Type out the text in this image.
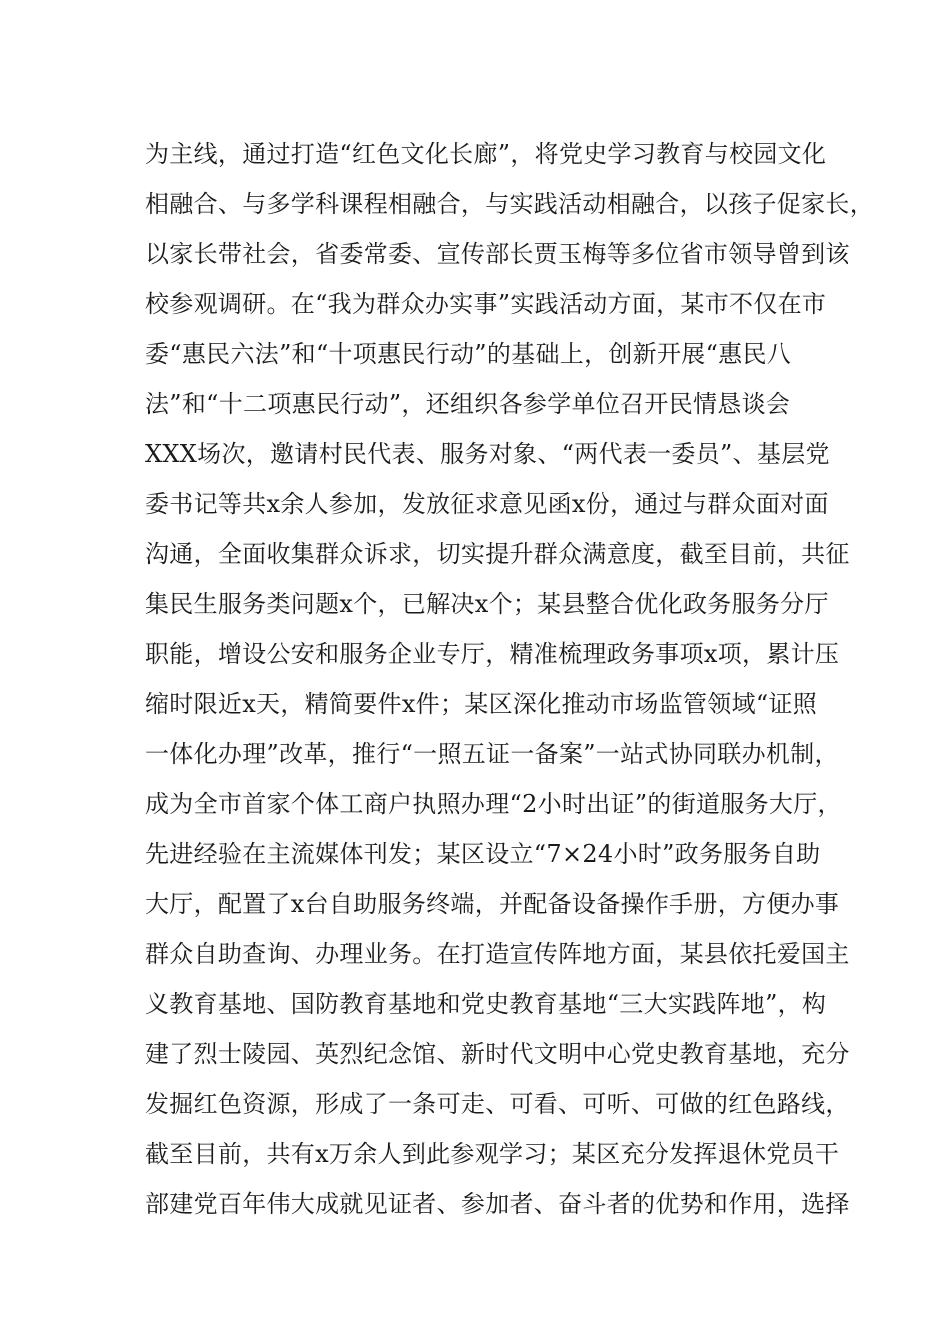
为主线，通过打造“红色文化长廊”，将党史学习教育与校园文化
相融合、与多学科课程相融合，与实践活动相融合，以孩子促家长，
以家长带社会，省委常委、宣传部长贾玉梅等多位省市领导曾到该
校参观调研。在“我为群众办实事”实践活动方面，某市不仅在市
委“惠民六法”和“十项惠民行动”的基础上，创新开展“惠民八
法”和“十二项惠民行动”，还组织各参学单位召开民情恳谈会
XXX场次，邀请村民代表、服务对象、“两代表一委员”、基层党
委书记等共x余人参加，发放征求意见函x份，通过与群众面对面
沟通，全面收集群众诉求，切实提升群众满意度，截至目前，共征
集民生服务类问题x个，已解决x个；某县整合优化政务服务分厅
职能，增设公安和服务企业专厅，精准梳理政务事项x项，累计压
缩时限近x天，精简要件x件；某区深化推动市场监管领域“证照
一体化办理”改革，推行“一照五证一备案”一站式协同联办机制，
成为全市首家个体工商户执照办理“2小时出证”的街道服务大厅，
先进经验在主流媒体刊发；某区设立“7×24小时”政务服务自助
大厅，配置了x台自助服务终端，并配备设备操作手册，方便办事
群众自助查询、办理业务。在打造宣传阵地方面，某县依托爱国主
义教育基地、国防教育基地和党史教育基地“三大实践阵地”，构
建了烈士陵园、英烈纪念馆、新时代文明中心党史教育基地，充分
发掘红色资源，形成了一条可走、可看、可听、可做的红色路线，
截至目前，共有x万余人到此参观学习；某区充分发挥退休党员干
部建党百年伟大成就见证者、参加者、奋斗者的优势和作用，选择
